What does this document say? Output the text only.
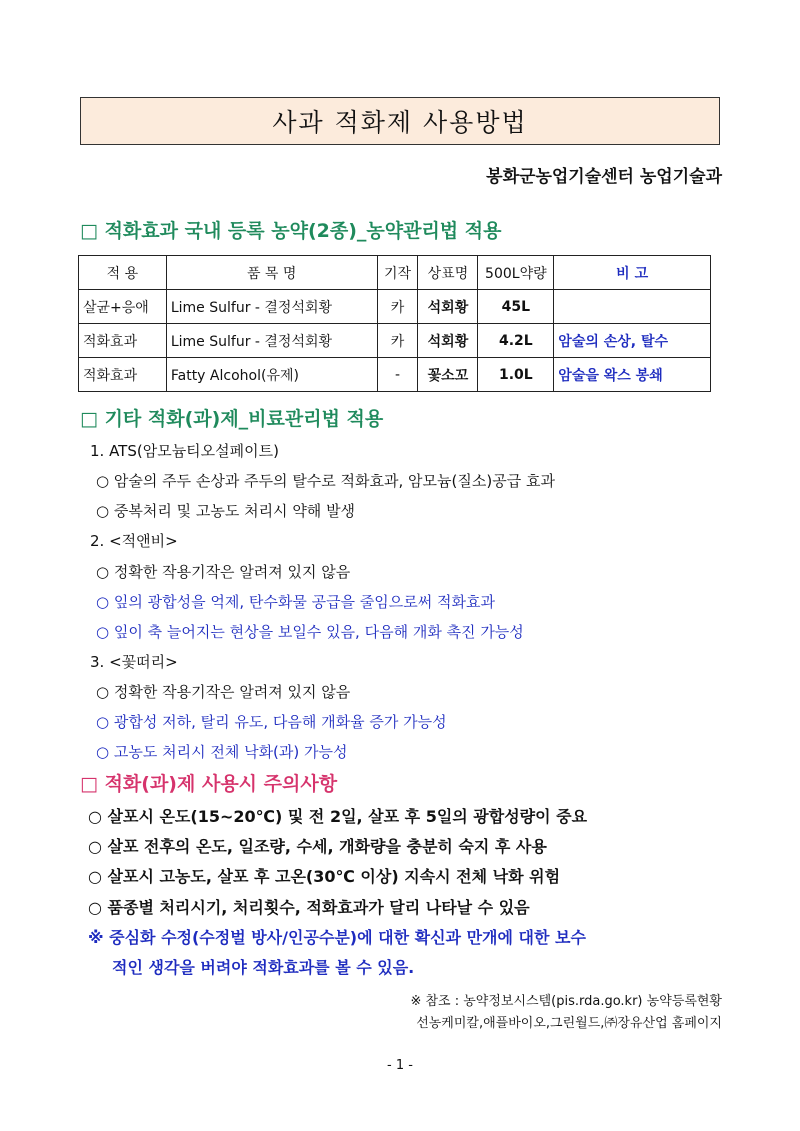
사과 적화제 사용방법
봉화군농업기술센터 농업기술과
□ 적화효과 국내 등록 농약(2종)_농약관리법 적용
적 용	품 목 명	기작	상표명	500L약량	비 고
살균+응애	Lime Sulfur - 결정석회황	카	석회황	45L	
적화효과	Lime Sulfur - 결정석회황	카	석회황	4.2L	암술의 손상, 탈수
적화효과	Fatty Alcohol(유제)	-	꽃소꼬	1.0L	암술을 왁스 봉쇄
□ 기타 적화(과)제_비료관리법 적용
1. ATS(암모늄티오설페이트)
○ 암술의 주두 손상과 주두의 탈수로 적화효과, 암모늄(질소)공급 효과
○ 중복처리 및 고농도 처리시 약해 발생
2. <적앤비>
○ 정확한 작용기작은 알려져 있지 않음
○ 잎의 광합성을 억제, 탄수화물 공급을 줄임으로써 적화효과
○ 잎이 축 늘어지는 현상을 보일수 있음, 다음해 개화 촉진 가능성
3. <꽃떠리>
○ 정확한 작용기작은 알려져 있지 않음
○ 광합성 저하, 탈리 유도, 다음해 개화율 증가 가능성
○ 고농도 처리시 전체 낙화(과) 가능성
□ 적화(과)제 사용시 주의사항
○ 살포시 온도(15~20℃) 및 전 2일, 살포 후 5일의 광합성량이 중요
○ 살포 전후의 온도, 일조량, 수세, 개화량을 충분히 숙지 후 사용
○ 살포시 고농도, 살포 후 고온(30℃ 이상) 지속시 전체 낙화 위험
○ 품종별 처리시기, 처리횟수, 적화효과가 달리 나타날 수 있음
※ 중심화 수정(수정벌 방사/인공수분)에 대한 확신과 만개에 대한 보수
적인 생각을 버려야 적화효과를 볼 수 있음.
※ 참조 : 농약정보시스템(pis.rda.go.kr) 농약등록현황
선농케미칼,애플바이오,그린월드,㈜장유산업 홈페이지
- 1 -
